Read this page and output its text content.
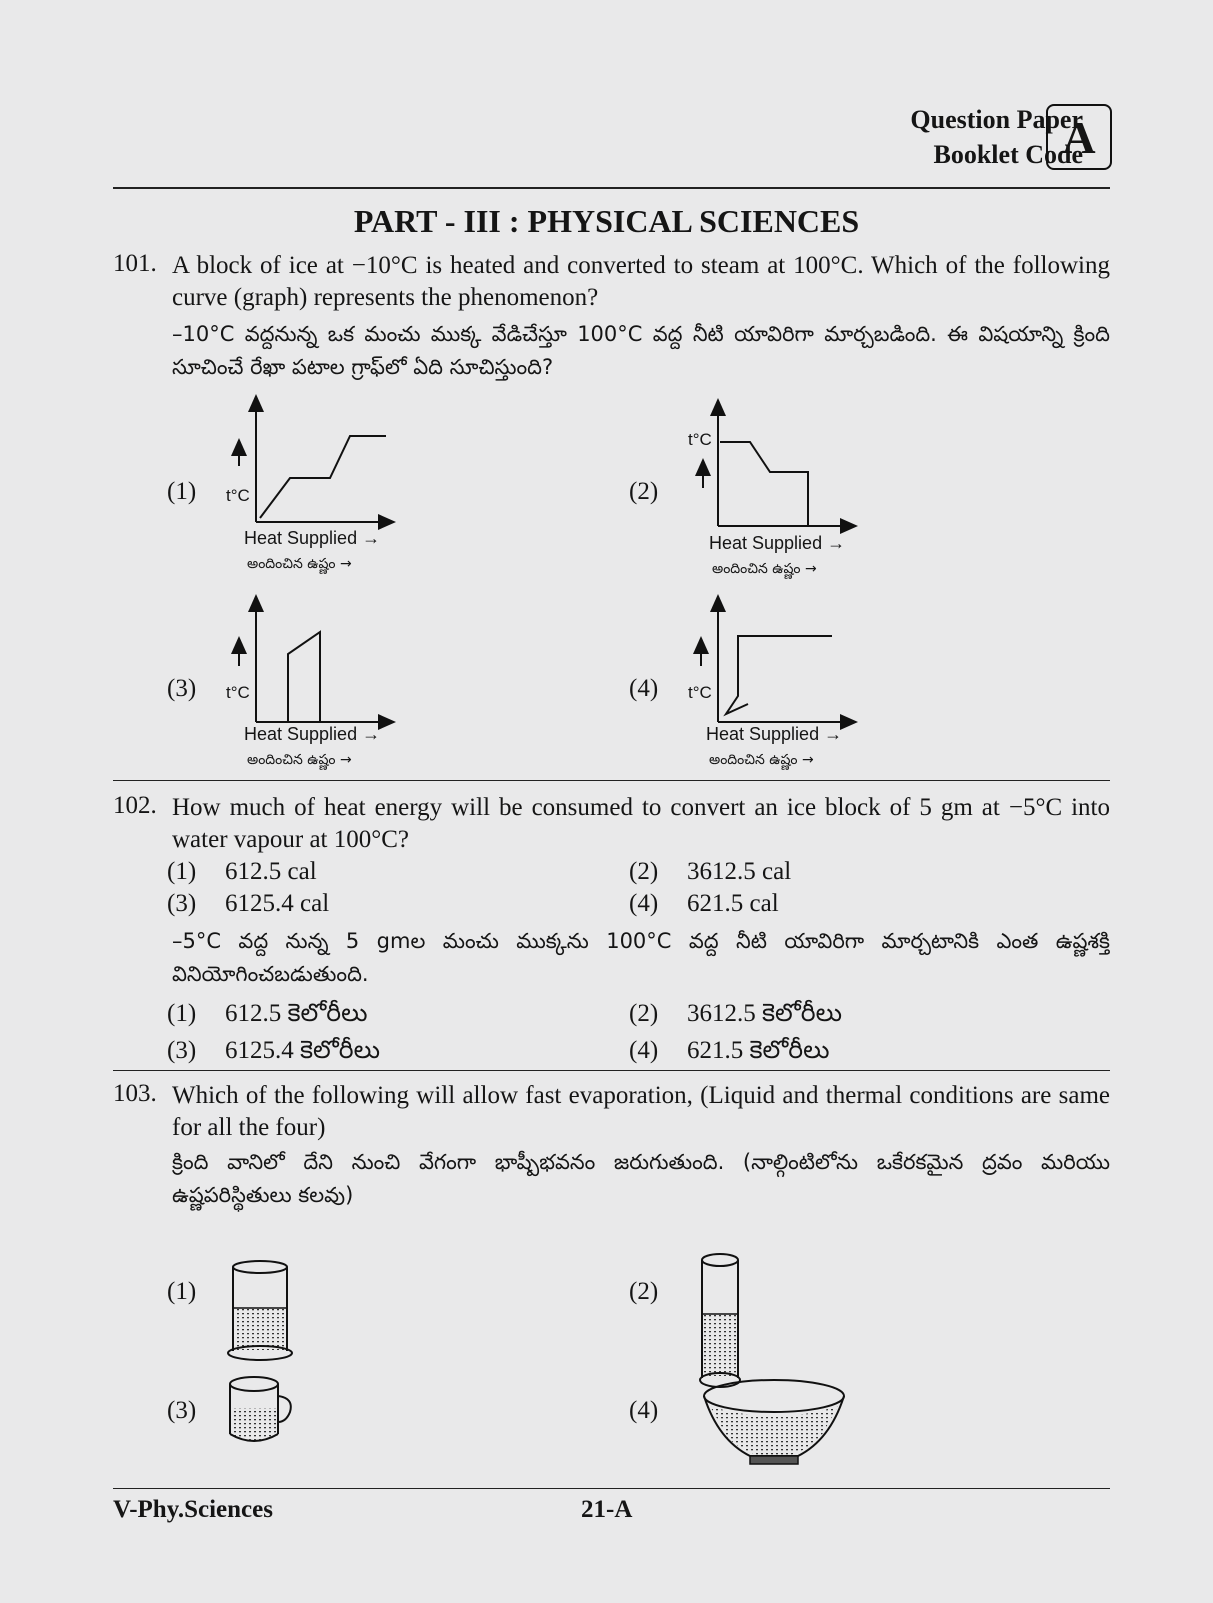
Question Paper
Booklet Code
A
PART - III : PHYSICAL SCIENCES
101. A block of ice at −10°C is heated and converted to steam at 100°C. Which of the following curve (graph) represents the phenomenon?
–10°C వద్దనున్న ఒక మంచు ముక్క వేడిచేస్తూ 100°C వద్ద నీటి యావిరిగా మార్చబడింది. ఈ విషయాన్ని క్రింది సూచించే రేఖా పటాల గ్రాఫ్‌లో ఏది సూచిస్తుంది?
(1) t°C
Heat Supplied →
అందించిన ఉష్ణం →
(2)
t°C
Heat Supplied →
అందించిన ఉష్ణం →
(3) t°C
Heat Supplied →
అందించిన ఉష్ణం →
(4) t°C
Heat Supplied →
అందించిన ఉష్ణం →
102. How much of heat energy will be consumed to convert an ice block of 5 gm at −5°C into water vapour at 100°C?
(1) 612.5 cal	(2) 3612.5 cal
(3) 6125.4 cal	(4) 621.5 cal
–5°C వద్ద నున్న 5 gmల మంచు ముక్కను 100°C వద్ద నీటి యావిరిగా మార్చటానికి ఎంత ఉష్ణశక్తి వినియోగించబడుతుంది.
(1) 612.5 కెలోరీలు	(2) 3612.5 కెలోరీలు
(3) 6125.4 కెలోరీలు	(4) 621.5 కెలోరీలు
103. Which of the following will allow fast evaporation, (Liquid and thermal conditions are same for all the four)
క్రింది వానిలో దేని నుంచి వేగంగా భాష్పీభవనం జరుగుతుంది. (నాల్గింటిలోను ఒకేరకమైన ద్రవం మరియు ఉష్ణపరిస్థితులు కలవు)
(1)	(2)
(3)	(4)
V-Phy.Sciences	21-A
